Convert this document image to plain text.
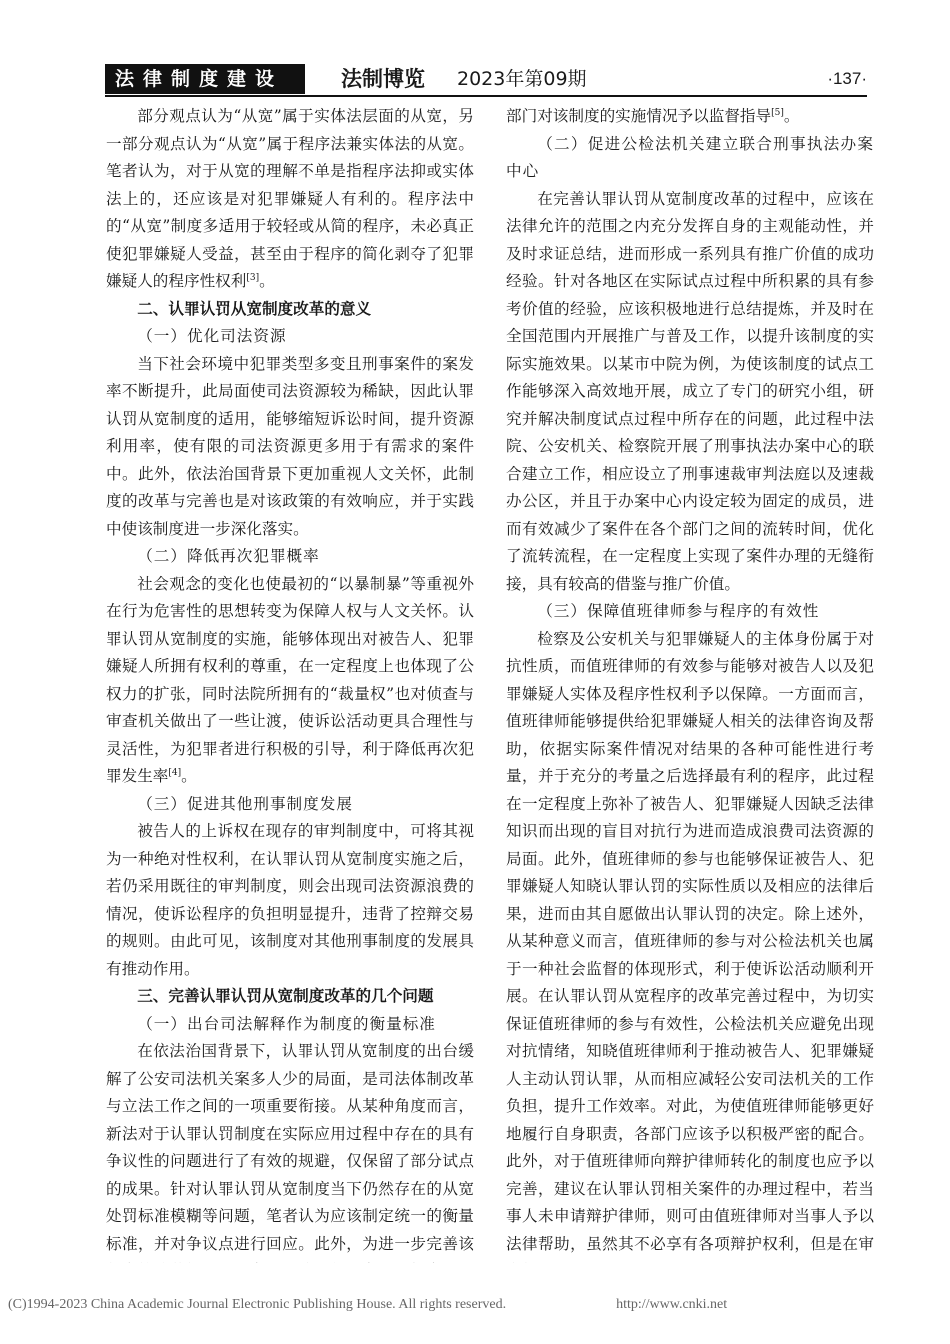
法律制度建设	法制博览 2023年第09期	·137·

部分观点认为“从宽”属于实体法层面的从宽，另一部分观点认为“从宽”属于程序法兼实体法的从宽。笔者认为，对于从宽的理解不单是指程序法抑或实体法上的，还应该是对犯罪嫌疑人有利的。程序法中的“从宽”制度多适用于较轻或从简的程序，未必真正使犯罪嫌疑人受益，甚至由于程序的简化剥夺了犯罪嫌疑人的程序性权利[3]。

二、认罪认罚从宽制度改革的意义
（一）优化司法资源

当下社会环境中犯罪类型多变且刑事案件的案发率不断提升，此局面使司法资源较为稀缺，因此认罪认罚从宽制度的适用，能够缩短诉讼时间，提升资源利用率，使有限的司法资源更多用于有需求的案件中。此外，依法治国背景下更加重视人文关怀，此制度的改革与完善也是对该政策的有效响应，并于实践中使该制度进一步深化落实。

（二）降低再次犯罪概率

社会观念的变化也使最初的“以暴制暴”等重视外在行为危害性的思想转变为保障人权与人文关怀。认罪认罚从宽制度的实施，能够体现出对被告人、犯罪嫌疑人所拥有权利的尊重，在一定程度上也体现了公权力的扩张，同时法院所拥有的“裁量权”也对侦查与审查机关做出了一些让渡，使诉讼活动更具合理性与灵活性，为犯罪者进行积极的引导，利于降低再次犯罪发生率[4]。

（三）促进其他刑事制度发展

被告人的上诉权在现存的审判制度中，可将其视为一种绝对性权利，在认罪认罚从宽制度实施之后，若仍采用既往的审判制度，则会出现司法资源浪费的情况，使诉讼程序的负担明显提升，违背了控辩交易的规则。由此可见，该制度对其他刑事制度的发展具有推动作用。

三、完善认罪认罚从宽制度改革的几个问题
（一）出台司法解释作为制度的衡量标准

在依法治国背景下，认罪认罚从宽制度的出台缓解了公安司法机关案多人少的局面，是司法体制改革与立法工作之间的一项重要衔接。从某种角度而言，新法对于认罪认罚制度在实际应用过程中存在的具有争议性的问题进行了有效的规避，仅保留了部分试点的成果。针对认罪认罚从宽制度当下仍然存在的从宽处罚标准模糊等问题，笔者认为应该制定统一的衡量标准，并对争议点进行回应。此外，为进一步完善该

部门对该制度的实施情况予以监督指导[5]。

（二）促进公检法机关建立联合刑事执法办案中心

在完善认罪认罚从宽制度改革的过程中，应该在法律允许的范围之内充分发挥自身的主观能动性，并及时求证总结，进而形成一系列具有推广价值的成功经验。针对各地区在实际试点过程中所积累的具有参考价值的经验，应该积极地进行总结提炼，并及时在全国范围内开展推广与普及工作，以提升该制度的实际实施效果。以某市中院为例，为使该制度的试点工作能够深入高效地开展，成立了专门的研究小组，研究并解决制度试点过程中所存在的问题，此过程中法院、公安机关、检察院开展了刑事执法办案中心的联合建立工作，相应设立了刑事速裁审判法庭以及速裁办公区，并且于办案中心内设定较为固定的成员，进而有效减少了案件在各个部门之间的流转时间，优化了流转流程，在一定程度上实现了案件办理的无缝衔接，具有较高的借鉴与推广价值。

（三）保障值班律师参与程序的有效性

检察及公安机关与犯罪嫌疑人的主体身份属于对抗性质，而值班律师的有效参与能够对被告人以及犯罪嫌疑人实体及程序性权利予以保障。一方面而言，值班律师能够提供给犯罪嫌疑人相关的法律咨询及帮助，依据实际案件情况对结果的各种可能性进行考量，并于充分的考量之后选择最有利的程序，此过程在一定程度上弥补了被告人、犯罪嫌疑人因缺乏法律知识而出现的盲目对抗行为进而造成浪费司法资源的局面。此外，值班律师的参与也能够保证被告人、犯罪嫌疑人知晓认罪认罚的实际性质以及相应的法律后果，进而由其自愿做出认罪认罚的决定。除上述外，从某种意义而言，值班律师的参与对公检法机关也属于一种社会监督的体现形式，利于使诉讼活动顺利开展。在认罪认罚从宽程序的改革完善过程中，为切实保证值班律师的参与有效性，公检法机关应避免出现对抗情绪，知晓值班律师利于推动被告人、犯罪嫌疑人主动认罚认罪，从而相应减轻公安司法机关的工作负担，提升工作效率。对此，为使值班律师能够更好地履行自身职责，各部门应该予以积极严密的配合。此外，对于值班律师向辩护律师转化的制度也应予以完善，建议在认罪认罚相关案件的办理过程中，若当事人未申请辩护律师，则可由值班律师对当事人予以法律帮助，虽然其不必享有各项辩护权利，但是在审

(C)1994-2023 China Academic Journal Electronic Publishing House. All rights reserved.	http://www.cnki.net
